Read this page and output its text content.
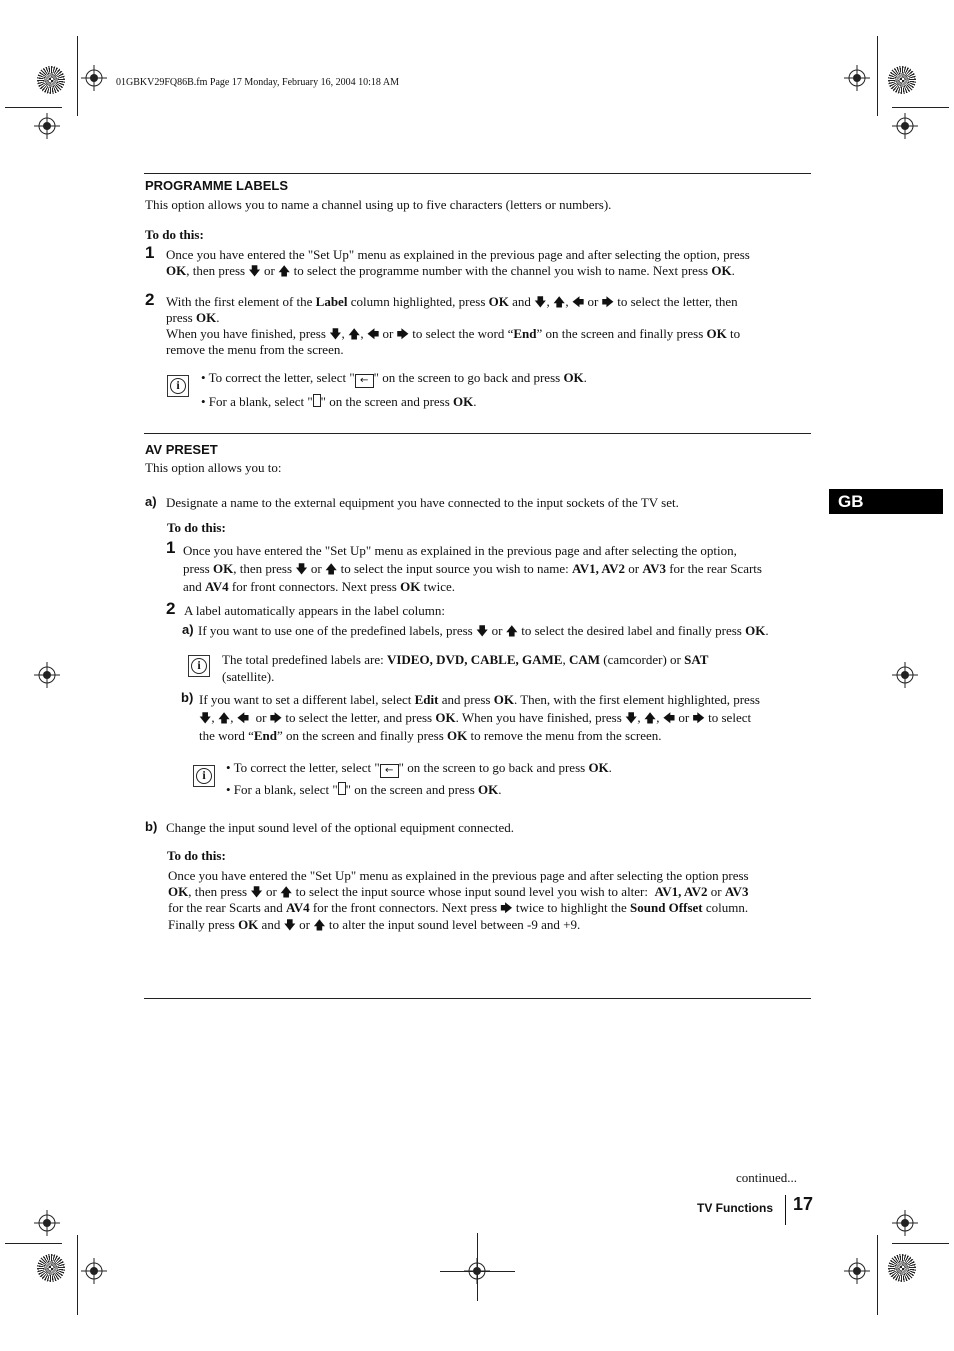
01GBKV29FQ86B.fm Page 17 Monday, February 16, 2004 10:18 AM
PROGRAMME LABELS
This option allows you to name a channel using up to five characters (letters or numbers).
To do this:
1 Once you have entered the "Set Up" menu as explained in the previous page and after selecting the option, press
OK, then press 🡇 or 🡅 to select the programme number with the channel you wish to name. Next press OK.
2 With the first element of the Label column highlighted, press OK and 🡇, 🡅, 🡄 or 🡆 to select the letter, then
press OK.
When you have finished, press 🡇, 🡅, 🡄 or 🡆 to select the word “End” on the screen and finally press OK to
remove the menu from the screen.
i	• To correct the letter, select " ← " on the screen to go back and press OK.
• For a blank, select " " on the screen and press OK.
AV PRESET
This option allows you to:
GB
a) Designate a name to the external equipment you have connected to the input sockets of the TV set.
To do this:
1 Once you have entered the "Set Up" menu as explained in the previous page and after selecting the option,
press OK, then press 🡇 or 🡅 to select the input source you wish to name: AV1, AV2 or AV3 for the rear Scarts
and AV4 for front connectors. Next press OK twice.
2 A label automatically appears in the label column:
a) If you want to use one of the predefined labels, press 🡇 or 🡅 to select the desired label and finally press OK.
i	The total predefined labels are: VIDEO, DVD, CABLE, GAME, CAM (camcorder) or SAT
(satellite).
b) If you want to set a different label, select Edit and press OK. Then, with the first element highlighted, press
🡇, 🡅, 🡄 or 🡆 to select the letter, and press OK. When you have finished, press 🡇, 🡅, 🡄 or 🡆 to select
the word “End” on the screen and finally press OK to remove the menu from the screen.
i	• To correct the letter, select " ← " on the screen to go back and press OK.
• For a blank, select " " on the screen and press OK.
b) Change the input sound level of the optional equipment connected.
To do this:
Once you have entered the "Set Up" menu as explained in the previous page and after selecting the option press
OK, then press 🡇 or 🡅 to select the input source whose input sound level you wish to alter: AV1, AV2 or AV3
for the rear Scarts and AV4 for the front connectors. Next press 🡆 twice to highlight the Sound Offset column.
Finally press OK and 🡇 or 🡅 to alter the input sound level between -9 and +9.
continued...
TV Functions 17
